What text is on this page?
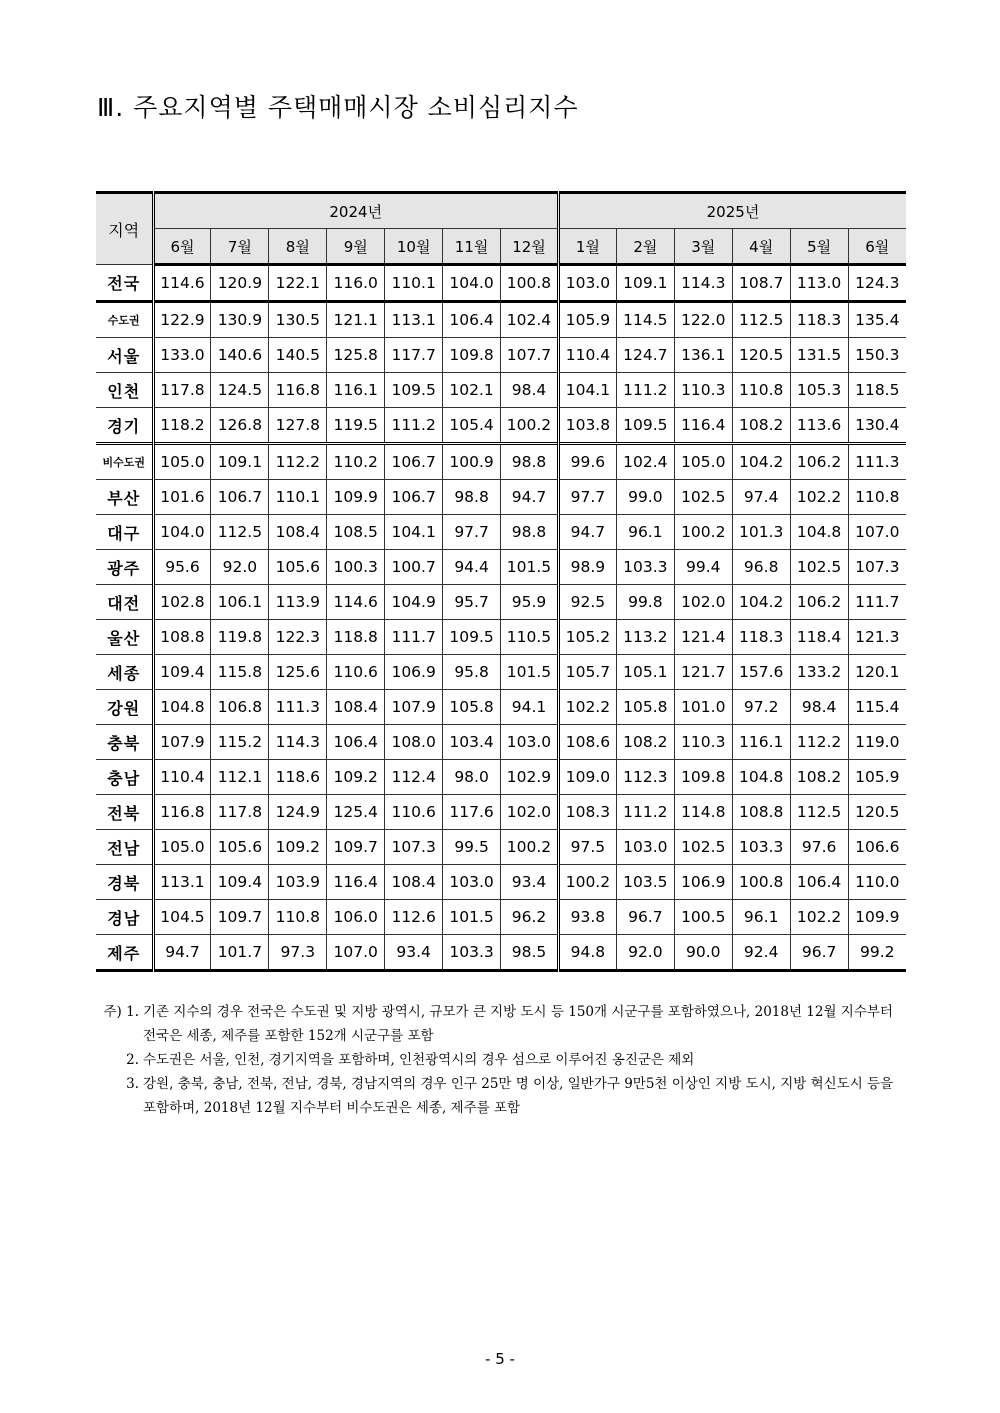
Ⅲ. 주요지역별 주택매매시장 소비심리지수
지역	2024년							2025년					
	6월	7월	8월	9월	10월	11월	12월	1월	2월	3월	4월	5월	6월
전국	114.6	120.9	122.1	116.0	110.1	104.0	100.8	103.0	109.1	114.3	108.7	113.0	124.3
수도권	122.9	130.9	130.5	121.1	113.1	106.4	102.4	105.9	114.5	122.0	112.5	118.3	135.4
서울	133.0	140.6	140.5	125.8	117.7	109.8	107.7	110.4	124.7	136.1	120.5	131.5	150.3
인천	117.8	124.5	116.8	116.1	109.5	102.1	98.4	104.1	111.2	110.3	110.8	105.3	118.5
경기	118.2	126.8	127.8	119.5	111.2	105.4	100.2	103.8	109.5	116.4	108.2	113.6	130.4
비수도권	105.0	109.1	112.2	110.2	106.7	100.9	98.8	99.6	102.4	105.0	104.2	106.2	111.3
부산	101.6	106.7	110.1	109.9	106.7	98.8	94.7	97.7	99.0	102.5	97.4	102.2	110.8
대구	104.0	112.5	108.4	108.5	104.1	97.7	98.8	94.7	96.1	100.2	101.3	104.8	107.0
광주	95.6	92.0	105.6	100.3	100.7	94.4	101.5	98.9	103.3	99.4	96.8	102.5	107.3
대전	102.8	106.1	113.9	114.6	104.9	95.7	95.9	92.5	99.8	102.0	104.2	106.2	111.7
울산	108.8	119.8	122.3	118.8	111.7	109.5	110.5	105.2	113.2	121.4	118.3	118.4	121.3
세종	109.4	115.8	125.6	110.6	106.9	95.8	101.5	105.7	105.1	121.7	157.6	133.2	120.1
강원	104.8	106.8	111.3	108.4	107.9	105.8	94.1	102.2	105.8	101.0	97.2	98.4	115.4
충북	107.9	115.2	114.3	106.4	108.0	103.4	103.0	108.6	108.2	110.3	116.1	112.2	119.0
충남	110.4	112.1	118.6	109.2	112.4	98.0	102.9	109.0	112.3	109.8	104.8	108.2	105.9
전북	116.8	117.8	124.9	125.4	110.6	117.6	102.0	108.3	111.2	114.8	108.8	112.5	120.5
전남	105.0	105.6	109.2	109.7	107.3	99.5	100.2	97.5	103.0	102.5	103.3	97.6	106.6
경북	113.1	109.4	103.9	116.4	108.4	103.0	93.4	100.2	103.5	106.9	100.8	106.4	110.0
경남	104.5	109.7	110.8	106.0	112.6	101.5	96.2	93.8	96.7	100.5	96.1	102.2	109.9
제주	94.7	101.7	97.3	107.0	93.4	103.3	98.5	94.8	92.0	90.0	92.4	96.7	99.2
주) 1. 기존 지수의 경우 전국은 수도권 및 지방 광역시, 규모가 큰 지방 도시 등 150개 시군구를 포함하였으나, 2018년 12월 지수부터 전국은 세종, 제주를 포함한 152개 시군구를 포함
2. 수도권은 서울, 인천, 경기지역을 포함하며, 인천광역시의 경우 섬으로 이루어진 옹진군은 제외
3. 강원, 충북, 충남, 전북, 전남, 경북, 경남지역의 경우 인구 25만 명 이상, 일반가구 9만5천 이상인 지방 도시, 지방 혁신도시 등을 포함하며, 2018년 12월 지수부터 비수도권은 세종, 제주를 포함
- 5 -
